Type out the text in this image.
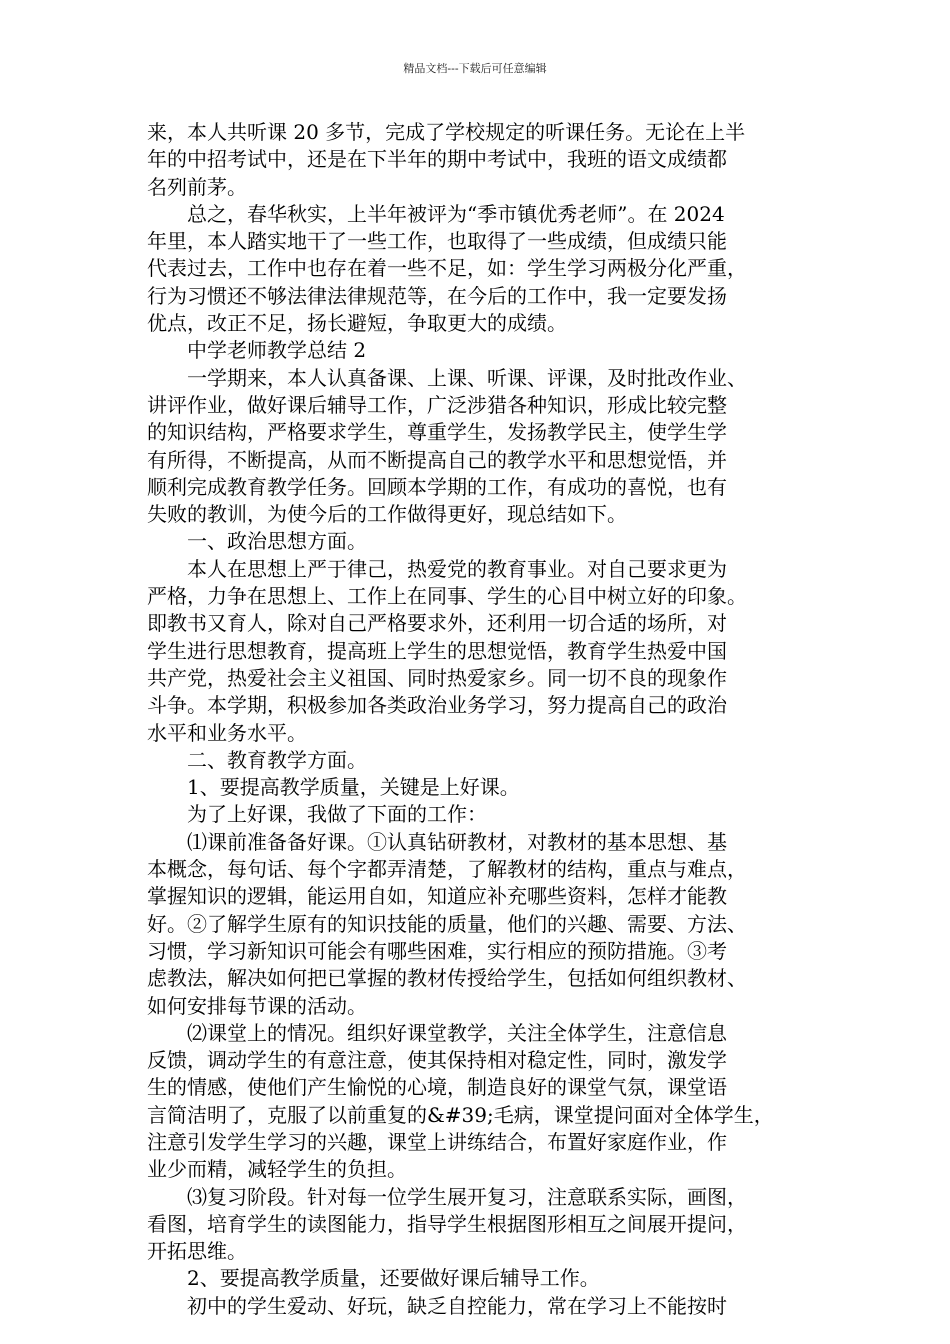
精品文档---下载后可任意编辑
来，本人共听课 20 多节，完成了学校规定的听课任务。无论在上半
年的中招考试中，还是在下半年的期中考试中，我班的语文成绩都
名列前茅。
　　总之，春华秋实，上半年被评为“季市镇优秀老师”。在 2024
年里，本人踏实地干了一些工作，也取得了一些成绩，但成绩只能
代表过去，工作中也存在着一些不足，如：学生学习两极分化严重，
行为习惯还不够法律法律规范等，在今后的工作中，我一定要发扬
优点，改正不足，扬长避短，争取更大的成绩。
　　中学老师教学总结 2
　　一学期来，本人认真备课、上课、听课、评课，及时批改作业、
讲评作业，做好课后辅导工作，广泛涉猎各种知识，形成比较完整
的知识结构，严格要求学生，尊重学生，发扬教学民主，使学生学
有所得，不断提高，从而不断提高自己的教学水平和思想觉悟，并
顺利完成教育教学任务。回顾本学期的工作，有成功的喜悦，也有
失败的教训，为使今后的工作做得更好，现总结如下。
　　一、政治思想方面。
　　本人在思想上严于律己，热爱党的教育事业。对自己要求更为
严格，力争在思想上、工作上在同事、学生的心目中树立好的印象。
即教书又育人，除对自己严格要求外，还利用一切合适的场所，对
学生进行思想教育，提高班上学生的思想觉悟，教育学生热爱中国
共产党，热爱社会主义祖国、同时热爱家乡。同一切不良的现象作
斗争。本学期，积极参加各类政治业务学习，努力提高自己的政治
水平和业务水平。
　　二、教育教学方面。
　　1、要提高教学质量，关键是上好课。
　　为了上好课，我做了下面的工作：
　　⑴课前准备备好课。①认真钻研教材，对教材的基本思想、基
本概念，每句话、每个字都弄清楚，了解教材的结构，重点与难点，
掌握知识的逻辑，能运用自如，知道应补充哪些资料，怎样才能教
好。②了解学生原有的知识技能的质量，他们的兴趣、需要、方法、
习惯，学习新知识可能会有哪些困难，实行相应的预防措施。③考
虑教法，解决如何把已掌握的教材传授给学生，包括如何组织教材、
如何安排每节课的活动。
　　⑵课堂上的情况。组织好课堂教学，关注全体学生，注意信息
反馈，调动学生的有意注意，使其保持相对稳定性，同时，激发学
生的情感，使他们产生愉悦的心境，制造良好的课堂气氛，课堂语
言简洁明了，克服了以前重复的&#39;毛病，课堂提问面对全体学生，
注意引发学生学习的兴趣，课堂上讲练结合，布置好家庭作业，作
业少而精，减轻学生的负担。
　　⑶复习阶段。针对每一位学生展开复习，注意联系实际，画图，
看图，培育学生的读图能力，指导学生根据图形相互之间展开提问，
开拓思维。
　　2、要提高教学质量，还要做好课后辅导工作。
　　初中的学生爱动、好玩，缺乏自控能力，常在学习上不能按时
